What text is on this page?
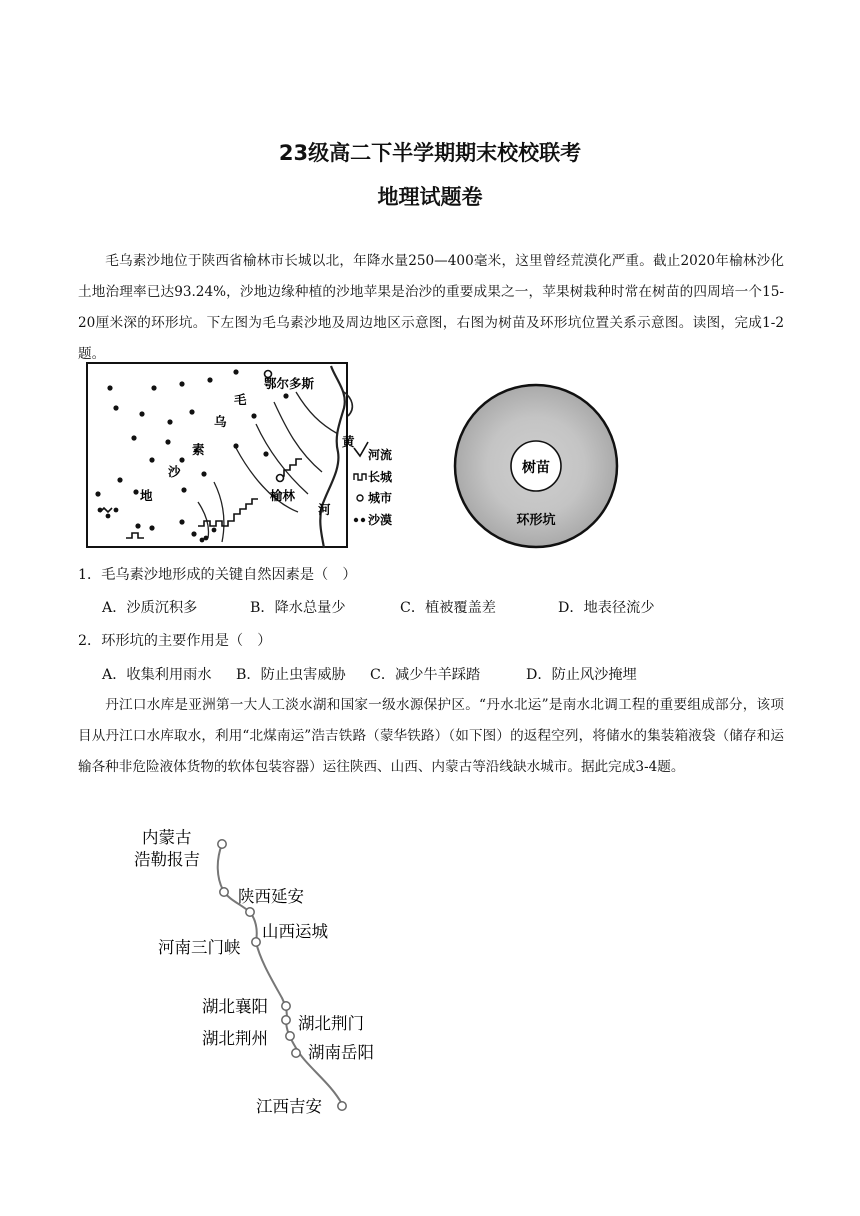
23级高二下半学期期末校校联考
地理试题卷

毛乌素沙地位于陕西省榆林市长城以北，年降水量250—400毫米，这里曾经荒漠化严重。截止2020年榆林沙化土地治理率已达93.24%，沙地边缘种植的沙地苹果是治沙的重要成果之一，苹果树栽种时常在树苗的四周培一个15-20厘米深的环形坑。下左图为毛乌素沙地及周边地区示意图，右图为树苗及环形坑位置关系示意图。读图，完成1-2题。

鄂尔多斯
毛
乌
素
沙
地	榆林
黄
河
河流
长城
城市
沙漠
树苗
环形坑
1．毛乌素沙地形成的关键自然因素是（　）
A．沙质沉积多	B．降水总量少	C．植被覆盖差	D．地表径流少
2．环形坑的主要作用是（　）
A．收集利用雨水 B．防止虫害威胁 C．减少牛羊踩踏	D．防止风沙掩埋

丹江口水库是亚洲第一大人工淡水湖和国家一级水源保护区。“丹水北运”是南水北调工程的重要组成部分，该项目从丹江口水库取水，利用“北煤南运”浩吉铁路（蒙华铁路）（如下图）的返程空列，将储水的集装箱液袋（储存和运输各种非危险液体货物的软体包装容器）运往陕西、山西、内蒙古等沿线缺水城市。据此完成3-4题。

内蒙古
浩勒报吉
陕西延安
山西运城
河南三门峡
湖北襄阳
湖北荆门
湖北荆州
湖南岳阳
江西吉安
